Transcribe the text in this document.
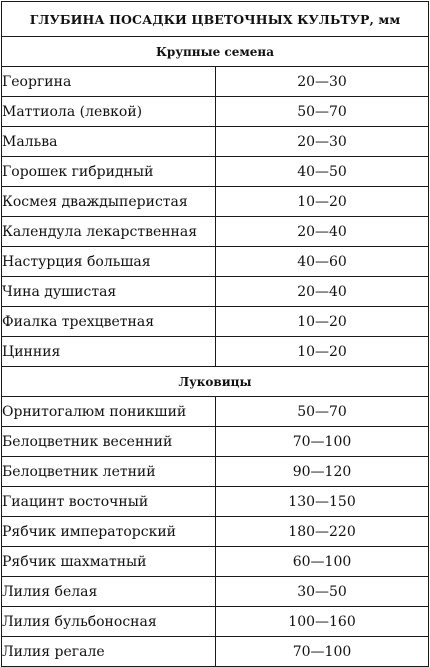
ГЛУБИНА ПОСАДКИ ЦВЕТОЧНЫХ КУЛЬТУР, мм	
Крупные семена	
Георгина	20—30
Маттиола (левкой)	50—70
Мальва	20—30
Горошек гибридный	40—50
Космея дваждыперистая	10—20
Календула лекарственная	20—40
Настурция большая	40—60
Чина душистая	20—40
Фиалка трехцветная	10—20
Цинния	10—20
Луковицы	
Орнитогалюм поникший	50—70
Белоцветник весенний	70—100
Белоцветник летний	90—120
Гиацинт восточный	130—150
Рябчик императорский	180—220
Рябчик шахматный	60—100
Лилия белая	30—50
Лилия бульбоносная	100—160
Лилия регале	70—100
